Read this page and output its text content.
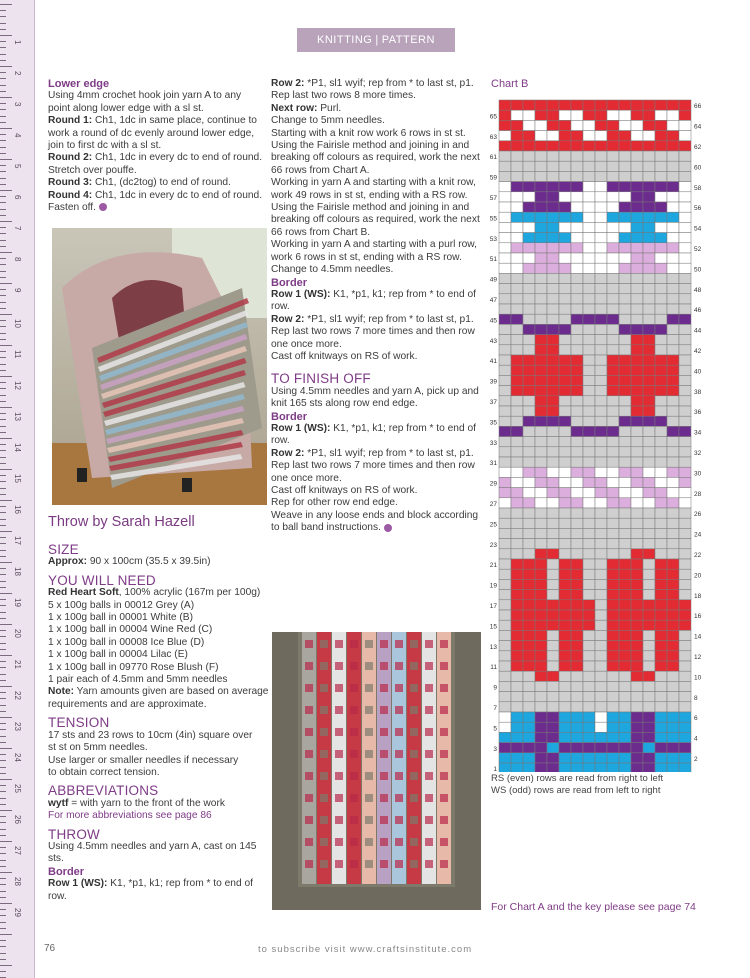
1
2
3
4
5
6
7
8
9
10
11
12
13
14
15
16
17
18
19
20
21
22
23
24
25
26
27
28
29
KNITTING | PATTERN INSTRUCTIONS

Lower edge

Using 4mm crochet hook join yarn A to any

point along lower edge with a sl st.

Round 1: Ch1, 1dc in same place, continue to

work a round of dc evenly around lower edge,

join to first dc with a sl st.

Round 2: Ch1, 1dc in every dc to end of round.

Stretch over pouffe.

Round 3: Ch1, (dc2tog) to end of round.

Round 4: Ch1, 1dc in every dc to end of round.

Fasten off.

Throw by Sarah Hazell

SIZE

Approx: 90 x 100cm (35.5 x 39.5in)

YOU WILL NEED

Red Heart Soft, 100% acrylic (167m per 100g)

5 x 100g balls in 00012 Grey (A)

1 x 100g ball in 00001 White (B)

1 x 100g ball in 00004 Wine Red (C)

1 x 100g ball in 00008 Ice Blue (D)

1 x 100g ball in 00004 Lilac (E)

1 x 100g ball in 09770 Rose Blush (F)

1 pair each of 4.5mm and 5mm needles

Note: Yarn amounts given are based on average

requirements and are approximate.

TENSION

17 sts and 23 rows to 10cm (4in) square over

st st on 5mm needles.

Use larger or smaller needles if necessary

to obtain correct tension.

ABBREVIATIONS

wytf = with yarn to the front of the work

For more abbreviations see page 86

THROW

Using 4.5mm needles and yarn A, cast on 145 sts.

Border

Row 1 (WS): K1, *p1, k1; rep from * to end of row.

Row 2: *P1, sl1 wyif; rep from * to last st, p1.

Rep last two rows 8 more times.

Next row: Purl.

Change to 5mm needles.

Starting with a knit row work 6 rows in st st.

Using the Fairisle method and joining in and

breaking off colours as required, work the next

66 rows from Chart A.

Working in yarn A and starting with a knit row,

work 49 rows in st st, ending with a RS row.

Using the Fairisle method and joining in and

breaking off colours as required, work the next

66 rows from Chart B.

Working in yarn A and starting with a purl row,

work 6 rows in st st, ending with a RS row.

Change to 4.5mm needles.

Border

Row 1 (WS): K1, *p1, k1; rep from * to end of row.

Row 2: *P1, sl1 wyif; rep from * to last st, p1.

Rep last two rows 7 more times and then row

one once more.

Cast off knitways on RS of work.

TO FINISH OFF

Using 4.5mm needles and yarn A, pick up and

knit 165 sts along row end edge.

Border

Row 1 (WS): K1, *p1, k1; rep from * to end of row.

Row 2: *P1, sl1 wyif; rep from * to last st, p1.

Rep last two rows 7 more times and then row

one once more.

Cast off knitways on RS of work.

Rep for other row end edge.

Weave in any loose ends and block according

to ball band instructions.

Chart B
66
64
62
60
58
56
54
52
50
48
46
44
42
40
38
36
34
32
30
28
26
24
22
20
18
16
14
12
10
8
6
4
2
65
63
61
59
57
55
53
51
49
47
45
43
41
39
37
35
33
31
29
27
25
23
21
19
17
15
13
11
9
7
5
3
1
RS (even) rows are read from right to left
WS (odd) rows are read from left to right
For Chart A and the key please see page 74
76	to subscribe visit www.craftsinstitute.com
